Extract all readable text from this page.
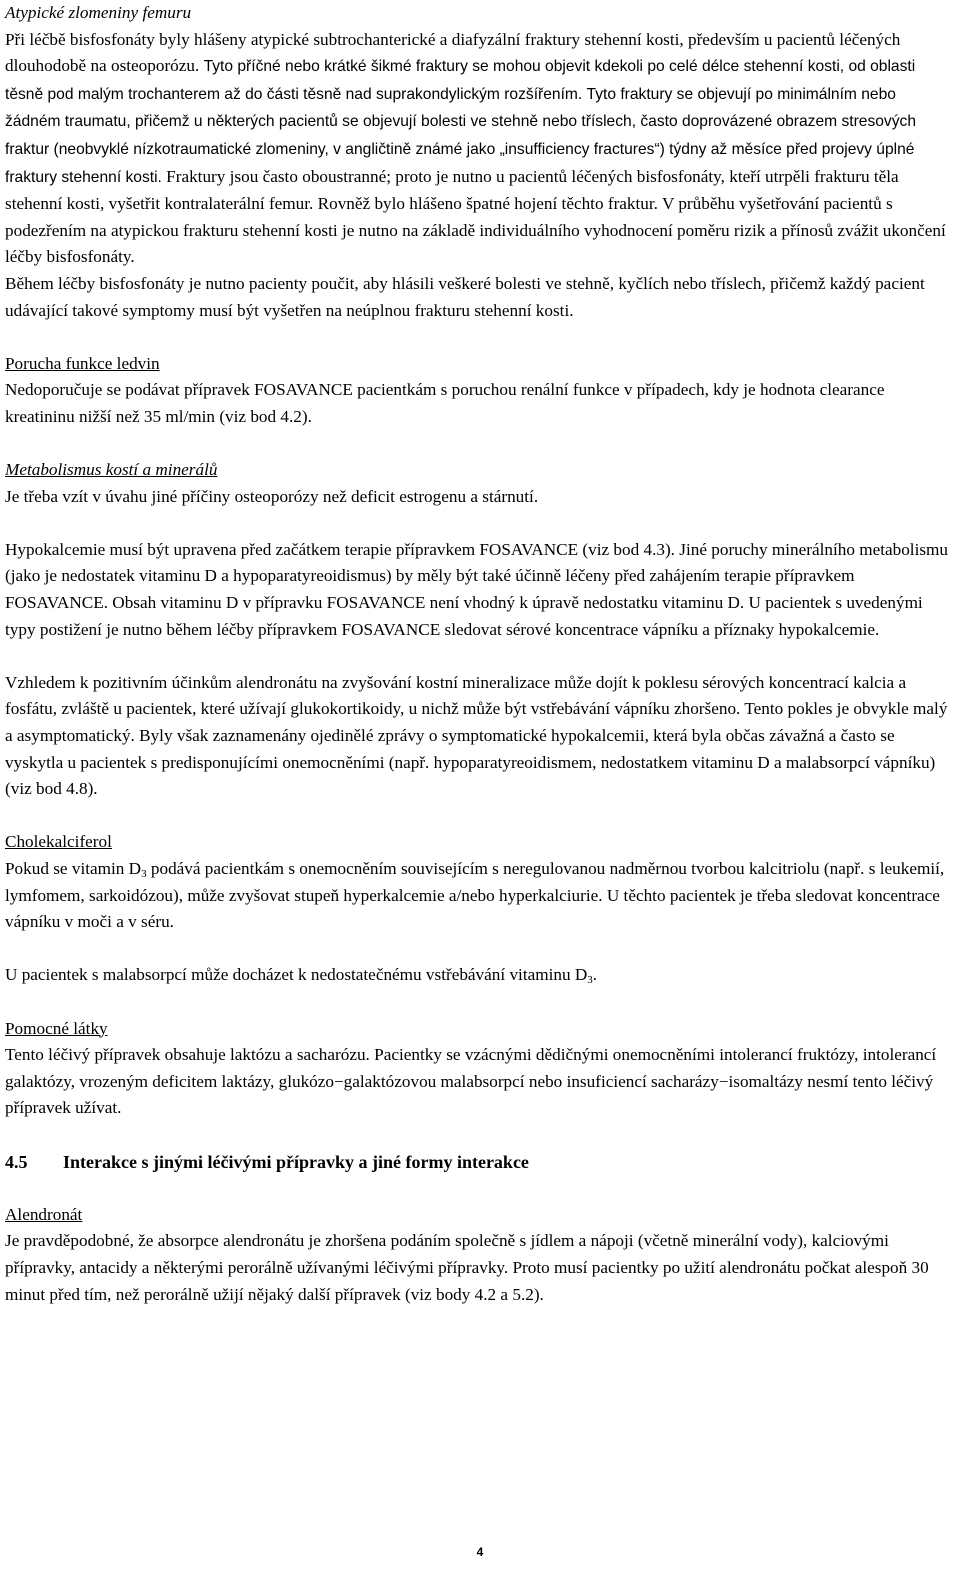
Atypické zlomeniny femuru

Při léčbě bisfosfonáty byly hlášeny atypické subtrochanterické a diafyzální fraktury stehenní kosti, především u pacientů léčených dlouhodobě na osteoporózu. Tyto příčné nebo krátké šikmé fraktury se mohou objevit kdekoli po celé délce stehenní kosti, od oblasti těsně pod malým trochanterem až do části těsně nad suprakondylickým rozšířením. Tyto fraktury se objevují po minimálním nebo žádném traumatu, přičemž u některých pacientů se objevují bolesti ve stehně nebo tříslech, často doprovázené obrazem stresových fraktur (neobvyklé nízkotraumatické zlomeniny, v angličtině známé jako „insufficiency fractures“) týdny až měsíce před projevy úplné fraktury stehenní kosti. Fraktury jsou často oboustranné; proto je nutno u pacientů léčených bisfosfonáty, kteří utrpěli frakturu těla stehenní kosti, vyšetřit kontralaterální femur. Rovněž bylo hlášeno špatné hojení těchto fraktur. V průběhu vyšetřování pacientů s podezřením na atypickou frakturu stehenní kosti je nutno na základě individuálního vyhodnocení poměru rizik a přínosů zvážit ukončení léčby bisfosfonáty.

Během léčby bisfosfonáty je nutno pacienty poučit, aby hlásili veškeré bolesti ve stehně, kyčlích nebo tříslech, přičemž každý pacient udávající takové symptomy musí být vyšetřen na neúplnou frakturu stehenní kosti.

Porucha funkce ledvin

Nedoporučuje se podávat přípravek FOSAVANCE pacientkám s poruchou renální funkce v případech, kdy je hodnota clearance kreatininu nižší než 35 ml/min (viz bod 4.2).

Metabolismus kostí a minerálů

Je třeba vzít v úvahu jiné příčiny osteoporózy než deficit estrogenu a stárnutí.

Hypokalcemie musí být upravena před začátkem terapie přípravkem FOSAVANCE (viz bod 4.3). Jiné poruchy minerálního metabolismu (jako je nedostatek vitaminu D a hypoparatyreoidismus) by měly být také účinně léčeny před zahájením terapie přípravkem FOSAVANCE. Obsah vitaminu D v přípravku FOSAVANCE není vhodný k úpravě nedostatku vitaminu D. U pacientek s uvedenými typy postižení je nutno během léčby přípravkem FOSAVANCE sledovat sérové koncentrace vápníku a příznaky hypokalcemie.

Vzhledem k pozitivním účinkům alendronátu na zvyšování kostní mineralizace může dojít k poklesu sérových koncentrací kalcia a fosfátu, zvláště u pacientek, které užívají glukokortikoidy, u nichž může být vstřebávání vápníku zhoršeno. Tento pokles je obvykle malý a asymptomatický. Byly však zaznamenány ojedinělé zprávy o symptomatické hypokalcemii, která byla občas závažná a často se vyskytla u pacientek s predisponujícími onemocněními (např. hypoparatyreoidismem, nedostatkem vitaminu D a malabsorpcí vápníku) (viz bod 4.8).

Cholekalciferol

Pokud se vitamin $D_3$ podává pacientkám s onemocněním souvisejícím s neregulovanou nadměrnou tvorbou kalcitriolu (např. s leukemií, lymfomem, sarkoidózou), může zvyšovat stupeň hyperkalcemie a/nebo hyperkalciurie. U těchto pacientek je třeba sledovat koncentrace vápníku v moči a v séru.

U pacientek s malabsorpcí může docházet k nedostatečnému vstřebávání vitaminu $D_3$.

Pomocné látky

Tento léčivý přípravek obsahuje laktózu a sacharózu. Pacientky se vzácnými dědičnými onemocněními intolerancí fruktózy, intolerancí galaktózy, vrozeným deficitem laktázy, glukózo−galaktózovou malabsorpcí nebo insuficiencí sacharázy−isomaltázy nesmí tento léčivý přípravek užívat.

4.5	Interakce s jinými léčivými přípravky a jiné formy interakce

Alendronát

Je pravděpodobné, že absorpce alendronátu je zhoršena podáním společně s jídlem a nápoji (včetně minerální vody), kalciovými přípravky, antacidy a některými perorálně užívanými léčivými přípravky. Proto musí pacientky po užití alendronátu počkat alespoň 30 minut před tím, než perorálně užijí nějaký další přípravek (viz body 4.2 a 5.2).

4
